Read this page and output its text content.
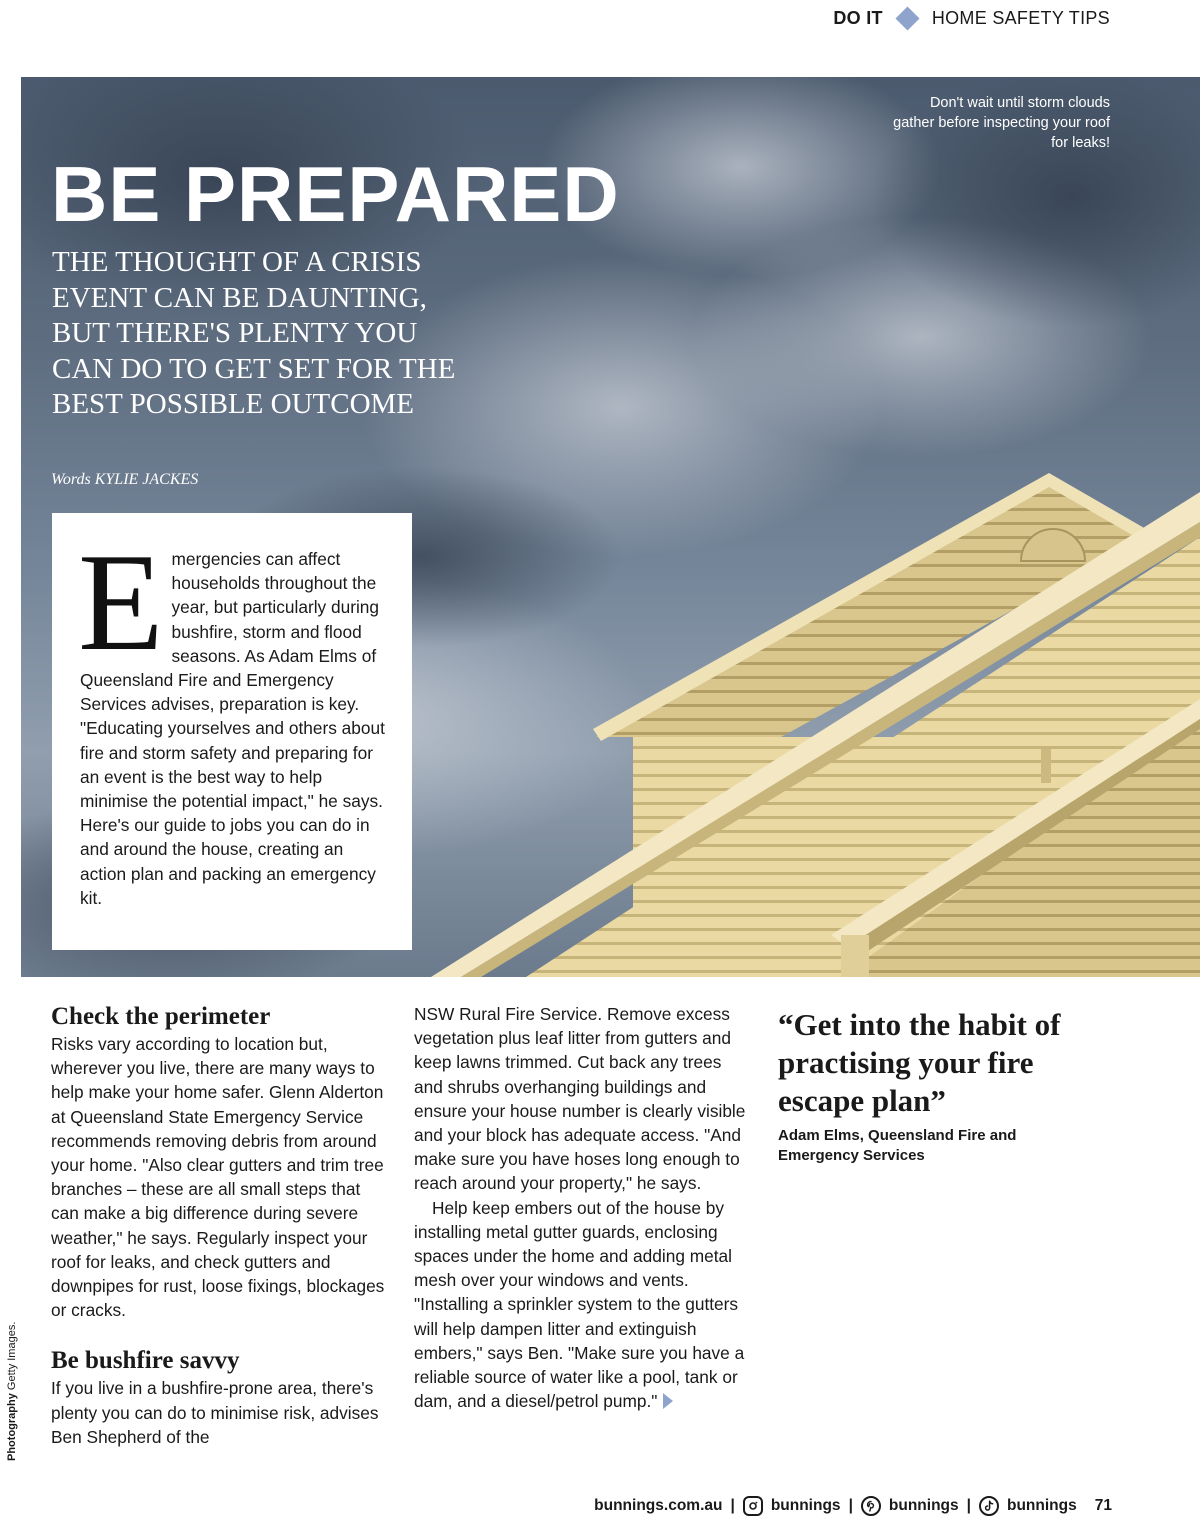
DO IT	HOME SAFETY TIPS

Don't wait until storm clouds gather before inspecting your roof for leaks!

BE PREPARED

THE THOUGHT OF A CRISIS EVENT CAN BE DAUNTING, BUT THERE'S PLENTY YOU CAN DO TO GET SET FOR THE BEST POSSIBLE OUTCOME

Words KYLIE JACKES

Emergencies can affect households throughout the year, but particularly during bushfire, storm and flood seasons. As Adam Elms of Queensland Fire and Emergency Services advises, preparation is key. "Educating yourselves and others about fire and storm safety and preparing for an event is the best way to help minimise the potential impact," he says. Here's our guide to jobs you can do in and around the house, creating an action plan and packing an emergency kit.

Check the perimeter

Risks vary according to location but, wherever you live, there are many ways to help make your home safer. Glenn Alderton at Queensland State Emergency Service recommends removing debris from around your home. "Also clear gutters and trim tree branches – these are all small steps that can make a big difference during severe weather," he says. Regularly inspect your roof for leaks, and check gutters and downpipes for rust, loose fixings, blockages or cracks.

Be bushfire savvy

If you live in a bushfire-prone area, there's plenty you can do to minimise risk, advises Ben Shepherd of the

NSW Rural Fire Service. Remove excess vegetation plus leaf litter from gutters and keep lawns trimmed. Cut back any trees and shrubs overhanging buildings and ensure your house number is clearly visible and your block has adequate access. "And make sure you have hoses long enough to reach around your property," he says.

Help keep embers out of the house by installing metal gutter guards, enclosing spaces under the home and adding metal mesh over your windows and vents. "Installing a sprinkler system to the gutters will help dampen litter and extinguish embers," says Ben. "Make sure you have a reliable source of water like a pool, tank or dam, and a diesel/petrol pump."

“Get into the habit of practising your fire escape plan”

Adam Elms, Queensland Fire and Emergency Services

Photography Getty Images.
bunnings.com.au | bunnings | bunnings | bunnings 71
